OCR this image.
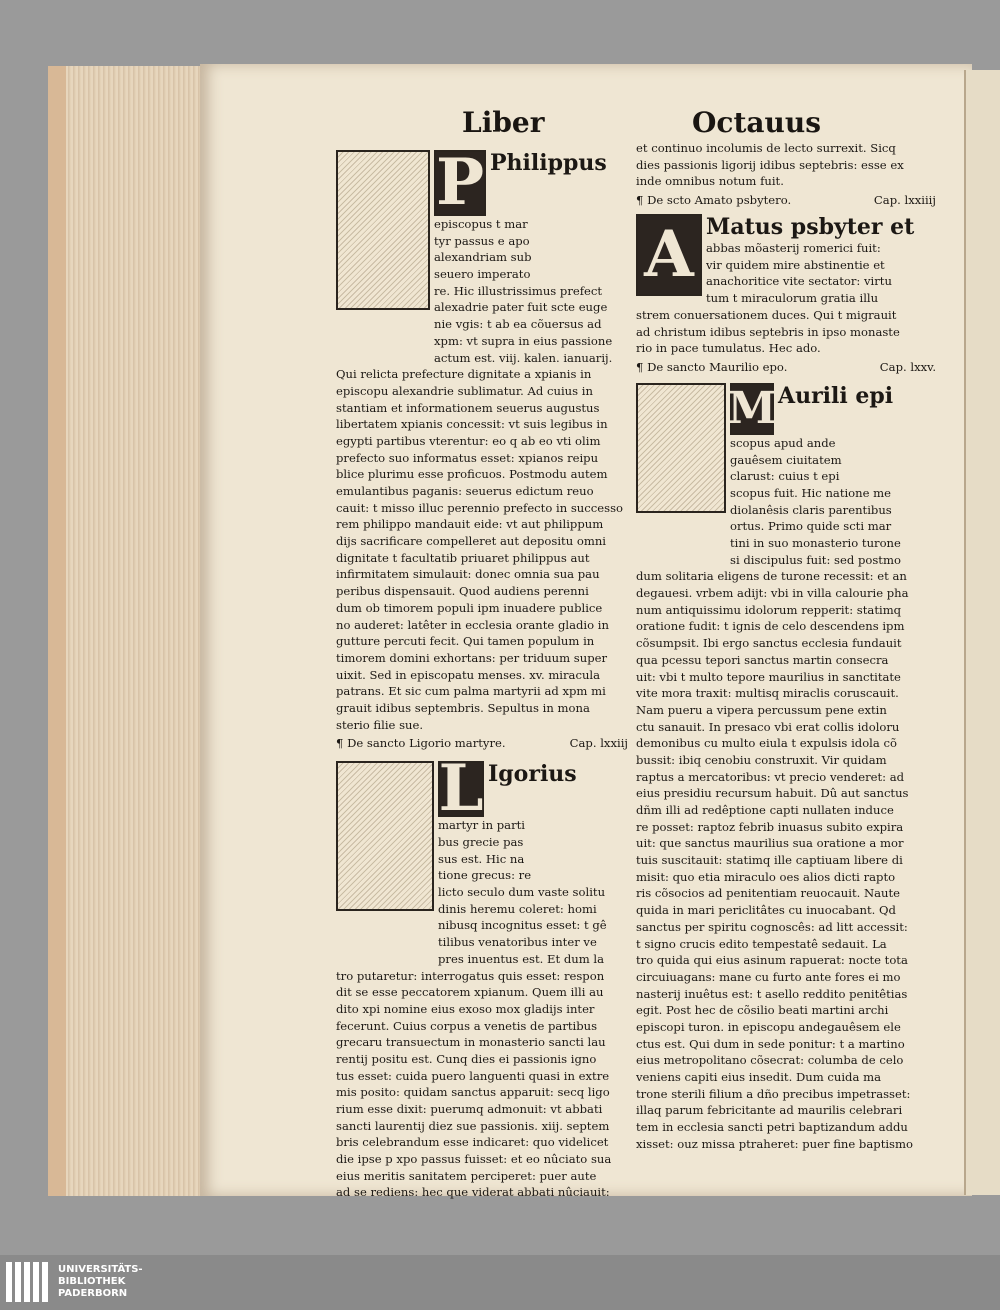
Liber	Octauus
P Philippus
episcopus t mar
tyr passus e apo
alexandriam sub
seuero imperato
re. Hic illustrissimus prefect
alexadrie pater fuit scte euge
nie vgis: t ab ea cõuersus ad
xpm: vt supra in eius passione
actum est. viij. kalen. ianuarij.
Qui relicta prefecture dignitate a xpianis in
episcopu alexandrie sublimatur. Ad cuius in
stantiam et informationem seuerus augustus
libertatem xpianis concessit: vt suis legibus in
egypti partibus vterentur: eo q ab eo vti olim
prefecto suo informatus esset: xpianos reipu
blice plurimu esse proficuos. Postmodu autem
emulantibus paganis: seuerus edictum reuo
cauit: t misso illuc perennio prefecto in successo
rem philippo mandauit eide: vt aut philippum
dijs sacrificare compelleret aut depositu omni
dignitate t facultatib priuaret philippus aut
infirmitatem simulauit: donec omnia sua pau
peribus dispensauit. Quod audiens perenni
dum ob timorem populi ipm inuadere publice
no auderet: latêter in ecclesia orante gladio in
gutture percuti fecit. Qui tamen populum in
timorem domini exhortans: per triduum super
uixit. Sed in episcopatu menses. xv. miracula
patrans. Et sic cum palma martyrii ad xpm mi
grauit idibus septembris. Sepultus in mona
sterio filie sue.
¶ De sancto Ligorio martyre.	Cap. lxxiij
L Igorius
martyr in parti
bus grecie pas
sus est. Hic na
tione grecus: re
licto seculo dum vaste solitu
dinis heremu coleret: homi
nibusq incognitus esset: t gê
tilibus venatoribus inter ve
pres inuentus est. Et dum la
tro putaretur: interrogatus quis esset: respon
dit se esse peccatorem xpianum. Quem illi au
dito xpi nomine eius exoso mox gladijs inter
fecerunt. Cuius corpus a venetis de partibus
grecaru transuectum in monasterio sancti lau
rentij positu est. Cunq dies ei passionis igno
tus esset: cuida puero languenti quasi in extre
mis posito: quidam sanctus apparuit: secq ligo
rium esse dixit: puerumq admonuit: vt abbati
sancti laurentij diez sue passionis. xiij. septem
bris celebrandum esse indicaret: quo videlicet
die ipse p xpo passus fuisset: et eo nûciato sua
eius meritis sanitatem perciperet: puer aute
ad se rediens: hec que viderat abbati nûciauit:
et continuo incolumis de lecto surrexit. Sicq
dies passionis ligorij idibus septebris: esse ex
inde omnibus notum fuit.
¶ De scto Amato psbytero.	Cap. lxxiiij
A Matus psbyter et
abbas mõasterij romerici fuit:
vir quidem mire abstinentie et
anachoritice vite sectator: virtu
tum t miraculorum gratia illu
strem conuersationem duces. Qui t migrauit
ad christum idibus septebris in ipso monaste
rio in pace tumulatus. Hec ado.
¶ De sancto Maurilio epo.	Cap. lxxv.
M Aurili epi
scopus apud ande
gauêsem ciuitatem
clarust: cuius t epi
scopus fuit. Hic natione me
diolanêsis claris parentibus
ortus. Primo quide scti mar
tini in suo monasterio turone
si discipulus fuit: sed postmo
dum solitaria eligens de turone recessit: et an
degauesi. vrbem adijt: vbi in villa calourie pha
num antiquissimu idolorum repperit: statimq
oratione fudit: t ignis de celo descendens ipm
cõsumpsit. Ibi ergo sanctus ecclesia fundauit
qua pcessu tepori sanctus martin consecra
uit: vbi t multo tepore maurilius in sanctitate
vite mora traxit: multisq miraclis coruscauit.
Nam pueru a vipera percussum pene extin
ctu sanauit. In presaco vbi erat collis idoloru
demonibus cu multo eiula t expulsis idola cõ
bussit: ibiq cenobiu construxit. Vir quidam
raptus a mercatoribus: vt precio venderet: ad
eius presidiu recursum habuit. Dû aut sanctus
dñm illi ad redêptione capti nullaten induce
re posset: raptoz febrib inuasus subito expira
uit: que sanctus maurilius sua oratione a mor
tuis suscitauit: statimq ille captiuam libere di
misit: quo etia miraculo oes alios dicti rapto
ris cõsocios ad penitentiam reuocauit. Naute
quida in mari periclitâtes cu inuocabant. Qd
sanctus per spiritu cognoscês: ad litt accessit:
t signo crucis edito tempestatê sedauit. La
tro quida qui eius asinum rapuerat: nocte tota
circuiuagans: mane cu furto ante fores ei mo
nasterij inuêtus est: t asello reddito penitêtias
egit. Post hec de cõsilio beati martini archi
episcopi turon. in episcopu andegauêsem ele
ctus est. Qui dum in sede ponitur: t a martino
eius metropolitano cõsecrat: columba de celo
veniens capiti eius insedit. Dum cuida ma
trone sterili filium a dño precibus impetrasset:
illaq parum febricitante ad maurilis celebrari
tem in ecclesia sancti petri baptizandum addu
xisset: ouz missa ptraheret: puer fine baptismo
UNIVERSITÄTS-
BIBLIOTHEK
PADERBORN
